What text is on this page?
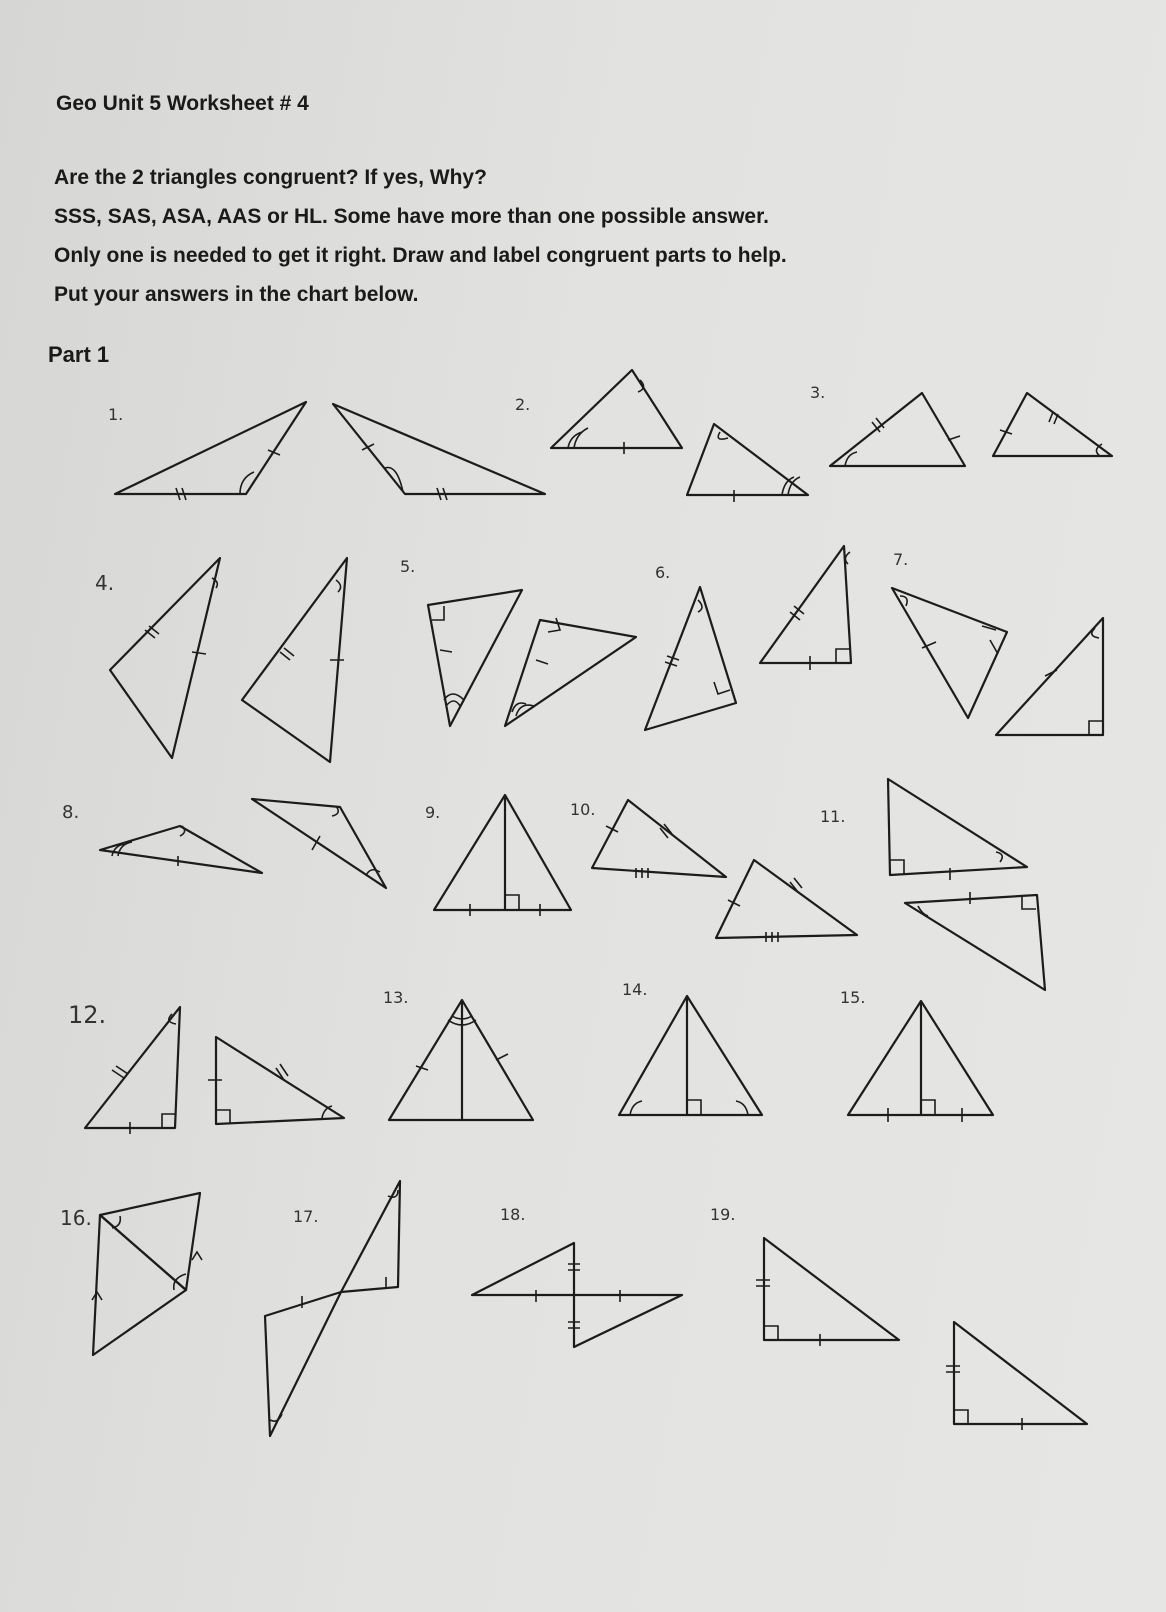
Geo Unit 5 Worksheet # 4
Are the 2 triangles congruent? If yes, Why?
SSS, SAS, ASA, AAS or HL. Some have more than one possible answer.
Only one is needed to get it right. Draw and label congruent parts to help.
Put your answers in the chart below.
Part 1
1.
2.
3.
4.
5.	6.
7.
8.	9.	10.	11.
12.
13.	14.	15.
16.	17.	18.	19.
